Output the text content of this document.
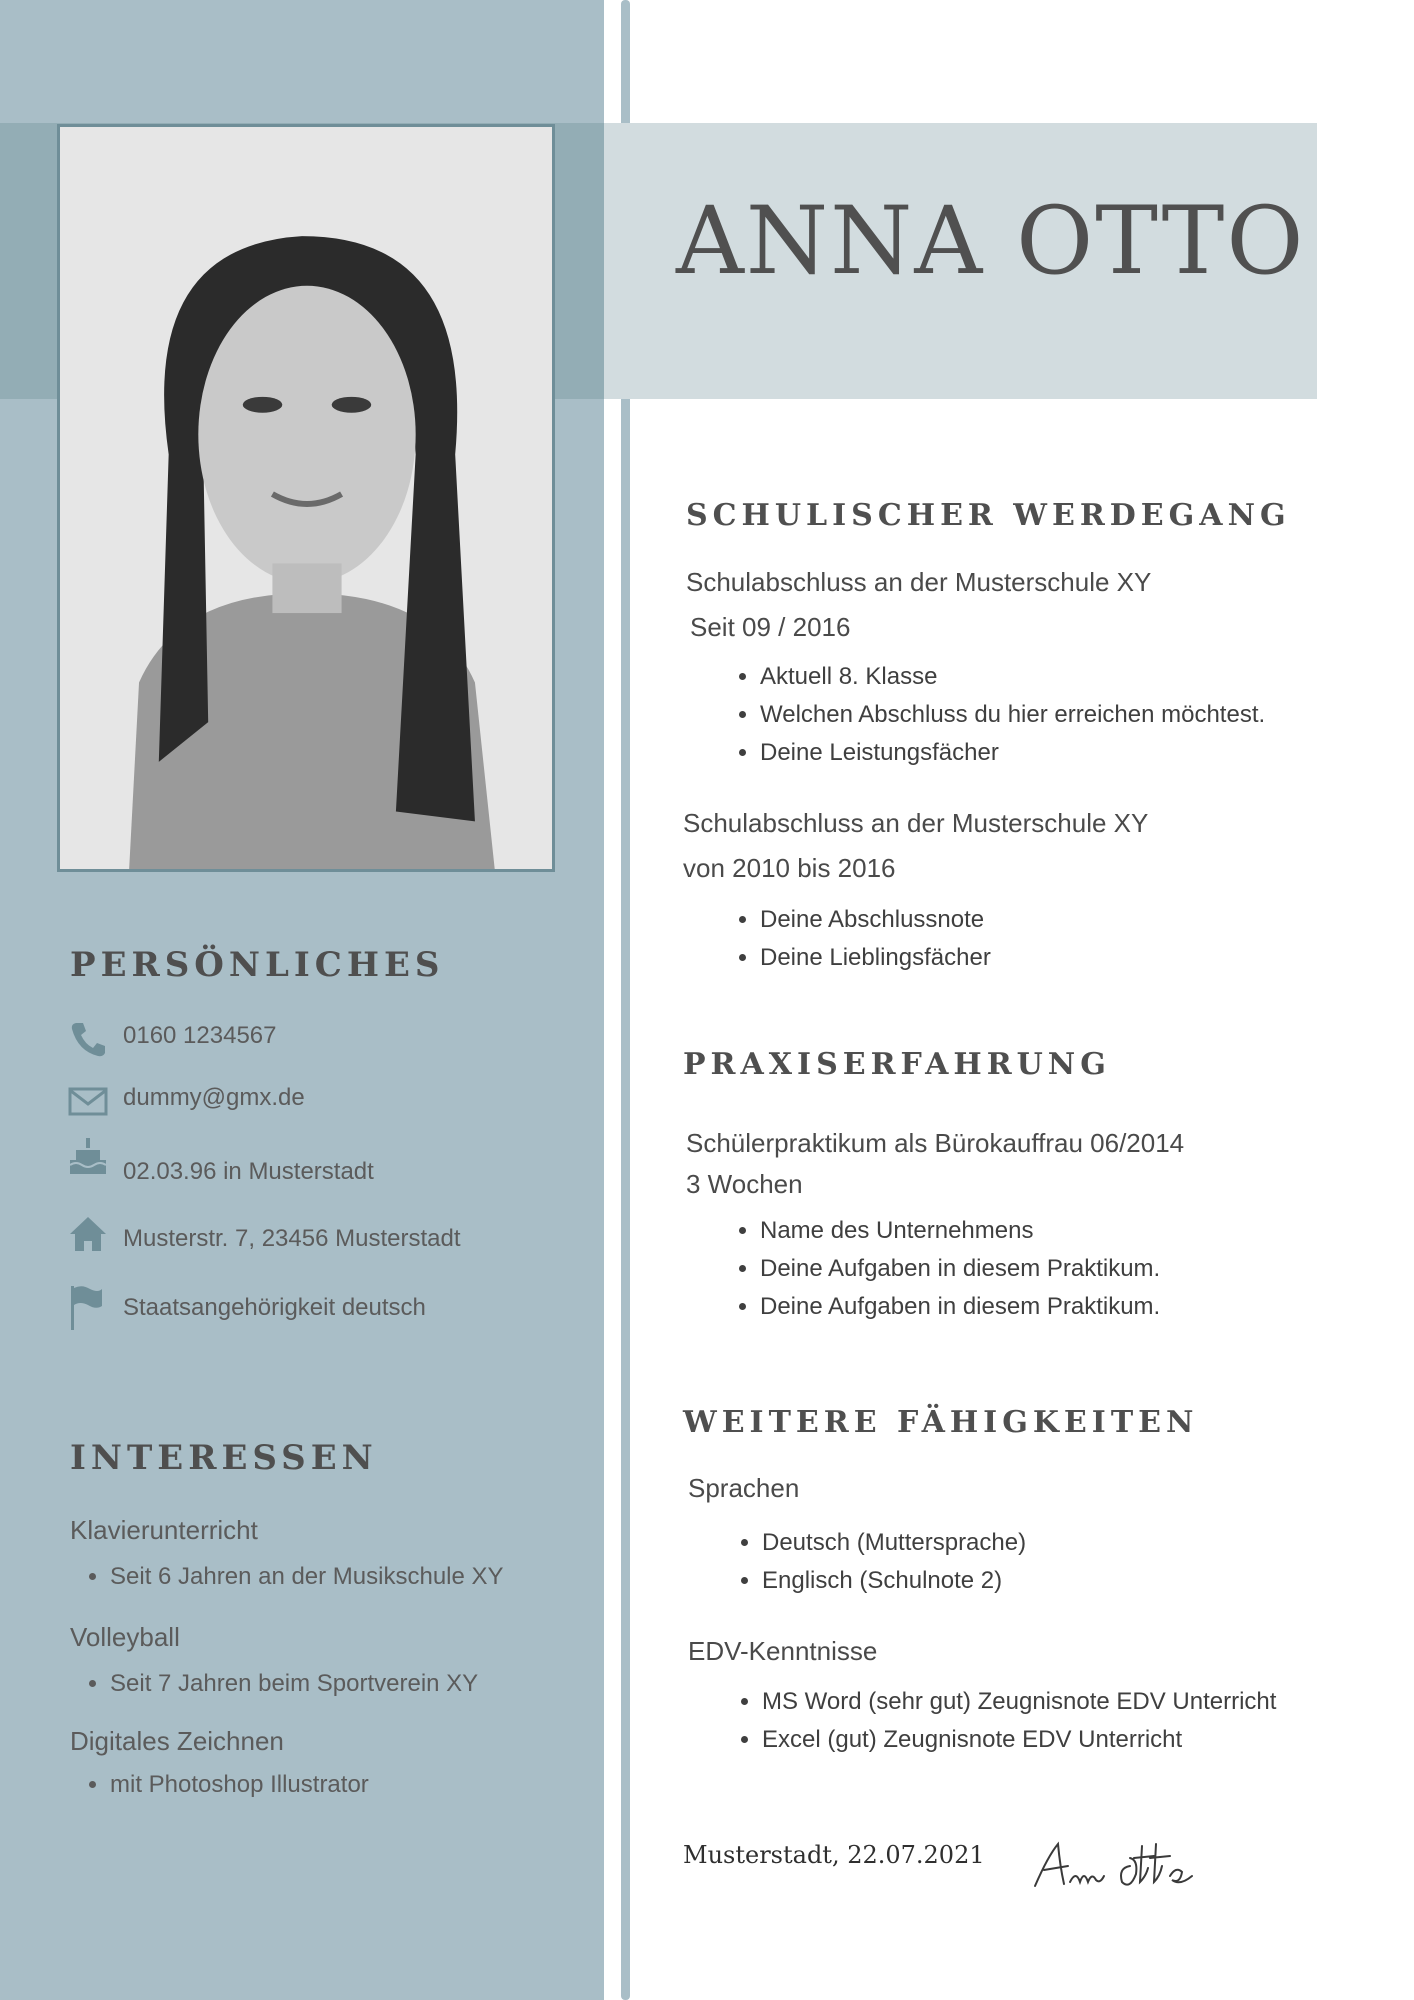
ANNA OTTO
PERSÖNLICHES
0160 1234567
dummy@gmx.de
02.03.96 in Musterstadt
Musterstr. 7, 23456 Musterstadt
Staatsangehörigkeit deutsch
INTERESSEN
Klavierunterricht
• Seit 6 Jahren an der Musikschule XY
Volleyball
• Seit 7 Jahren beim Sportverein XY
Digitales Zeichnen
• mit Photoshop Illustrator
SCHULISCHER WERDEGANG
Schulabschluss an der Musterschule XY
Seit 09 / 2016
• Aktuell 8. Klasse
• Welchen Abschluss du hier erreichen möchtest.
• Deine Leistungsfächer
Schulabschluss an der Musterschule XY
von 2010 bis 2016
• Deine Abschlussnote
• Deine Lieblingsfächer
PRAXISERFAHRUNG
Schülerpraktikum als Bürokauffrau 06/2014
3 Wochen
• Name des Unternehmens
• Deine Aufgaben in diesem Praktikum.
• Deine Aufgaben in diesem Praktikum.
WEITERE FÄHIGKEITEN
Sprachen
• Deutsch (Muttersprache)
• Englisch (Schulnote 2)
EDV-Kenntnisse
• MS Word (sehr gut) Zeugnisnote EDV Unterricht
• Excel (gut) Zeugnisnote EDV Unterricht
Musterstadt, 22.07.2021
